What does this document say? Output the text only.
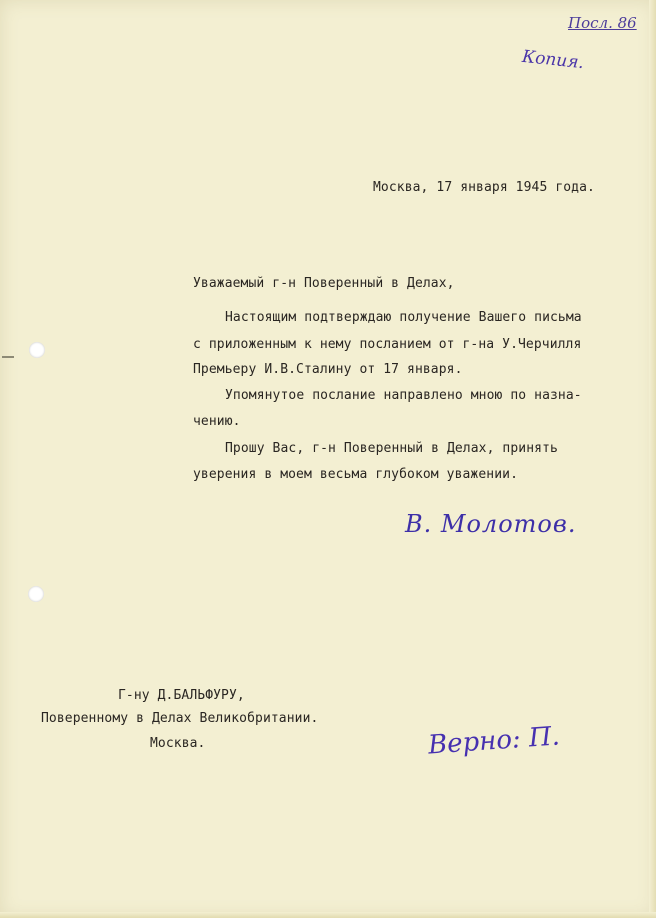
Посл. 86
Копия.
Москва, 17 января 1945 года.
Уважаемый г-н Поверенный в Делах,
Настоящим подтверждаю получение Вашего письма
с приложенным к нему посланием от г-на У.Черчилля
Премьеру И.В.Сталину от 17 января.
Упомянутое послание направлено мною по назна-
чению.
Прошу Вас, г-н Поверенный в Делах, принять
уверения в моем весьма глубоком уважении.
В. Молотов.
Г-ну Д.БАЛЬФУРУ,
Поверенному в Делах Великобритании.
Москва.	Верно: П.
